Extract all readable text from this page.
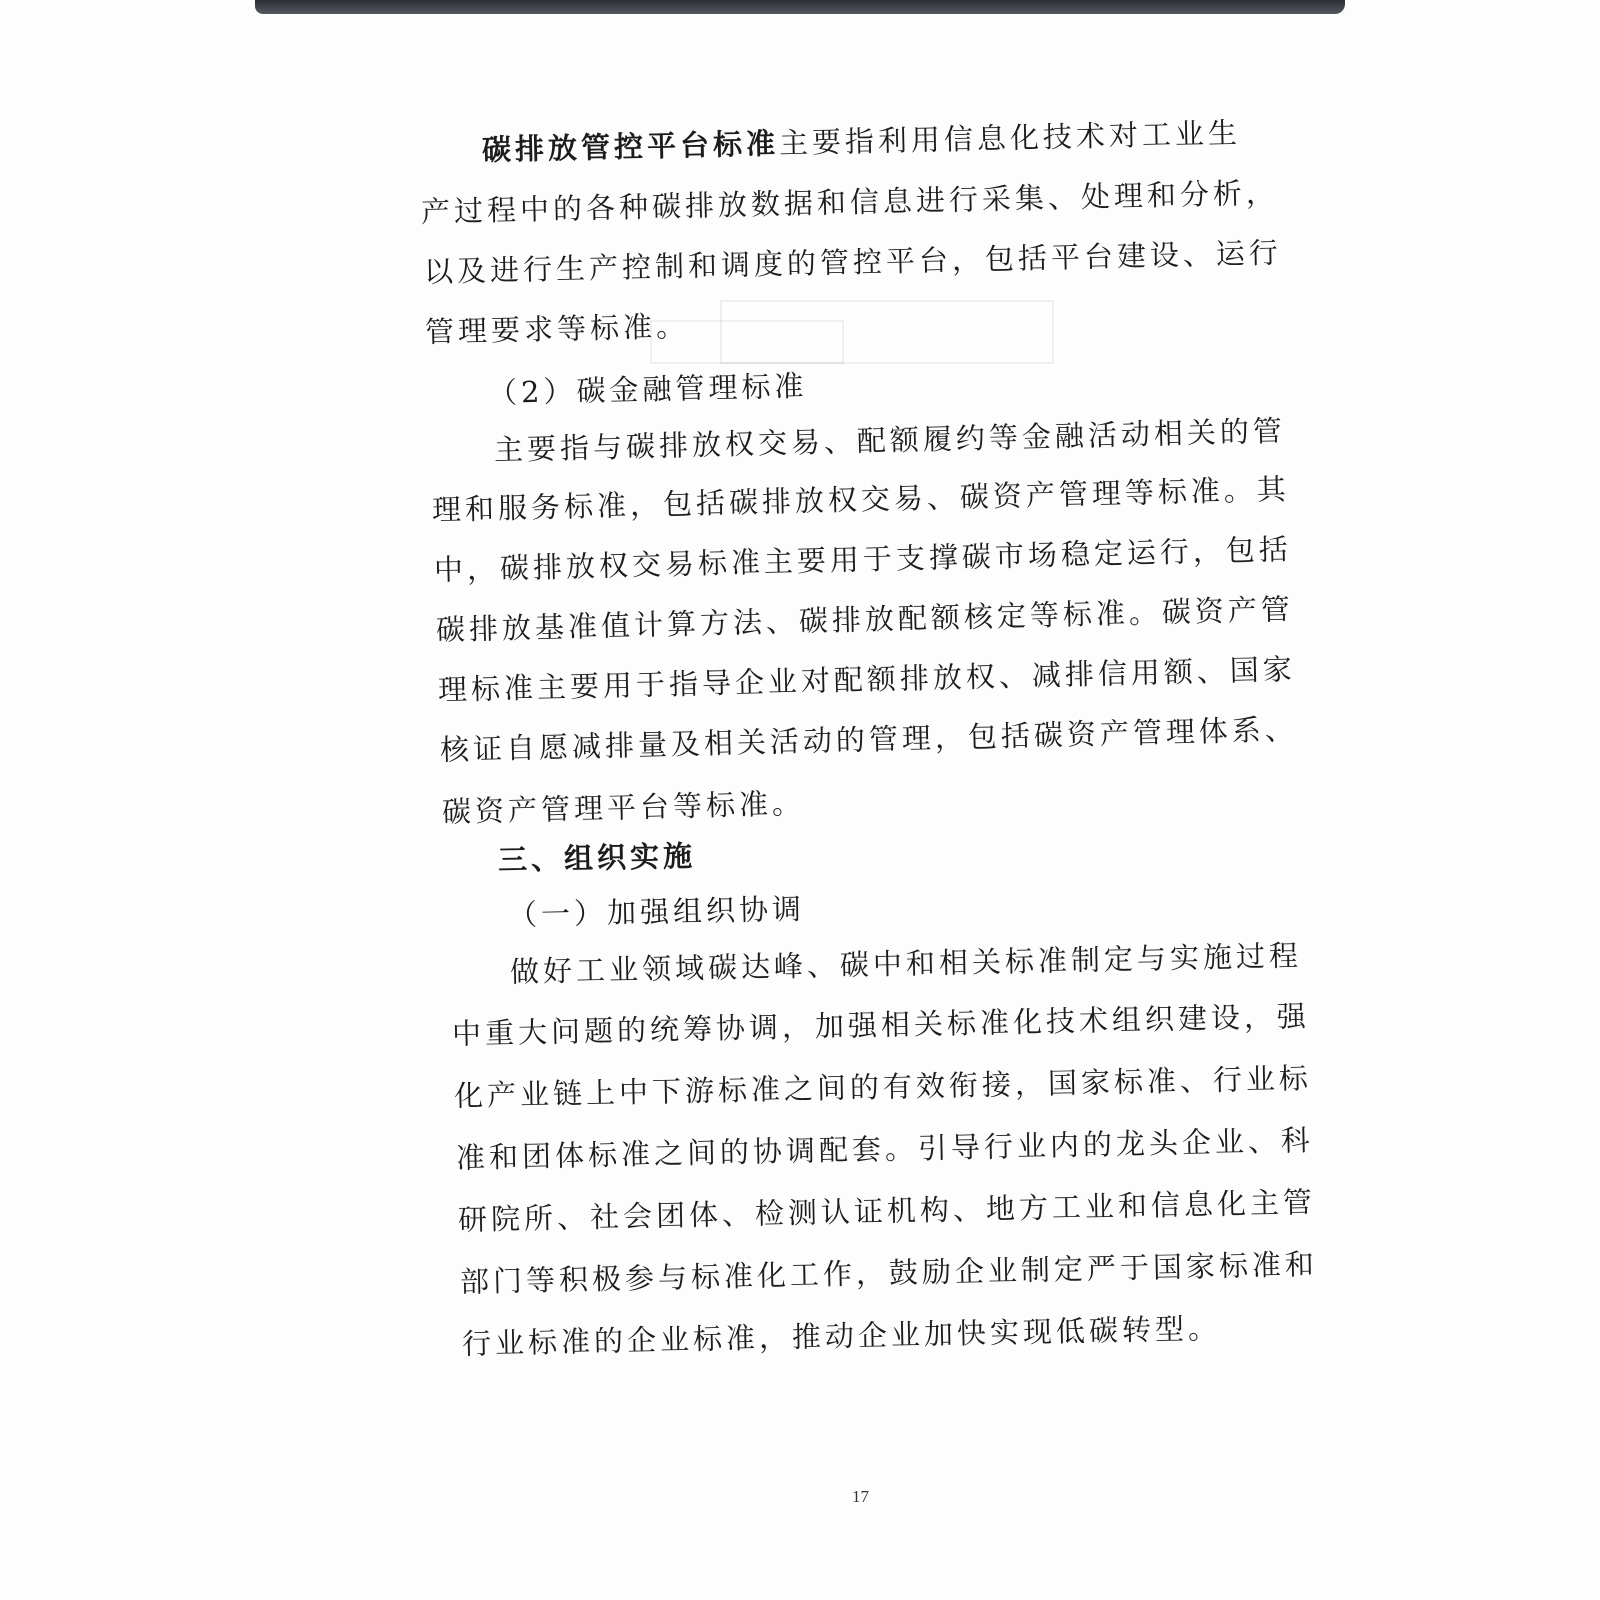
碳排放管控平台标准主要指利用信息化技术对工业生
产过程中的各种碳排放数据和信息进行采集、处理和分析，
以及进行生产控制和调度的管控平台，包括平台建设、运行
管理要求等标准。
（2）碳金融管理标准
主要指与碳排放权交易、配额履约等金融活动相关的管
理和服务标准，包括碳排放权交易、碳资产管理等标准。其
中，碳排放权交易标准主要用于支撑碳市场稳定运行，包括
碳排放基准值计算方法、碳排放配额核定等标准。碳资产管
理标准主要用于指导企业对配额排放权、减排信用额、国家
核证自愿减排量及相关活动的管理，包括碳资产管理体系、
碳资产管理平台等标准。
三、组织实施
（一）加强组织协调
做好工业领域碳达峰、碳中和相关标准制定与实施过程
中重大问题的统筹协调，加强相关标准化技术组织建设，强
化产业链上中下游标准之间的有效衔接，国家标准、行业标
准和团体标准之间的协调配套。引导行业内的龙头企业、科
研院所、社会团体、检测认证机构、地方工业和信息化主管
部门等积极参与标准化工作，鼓励企业制定严于国家标准和
行业标准的企业标准，推动企业加快实现低碳转型。
17
